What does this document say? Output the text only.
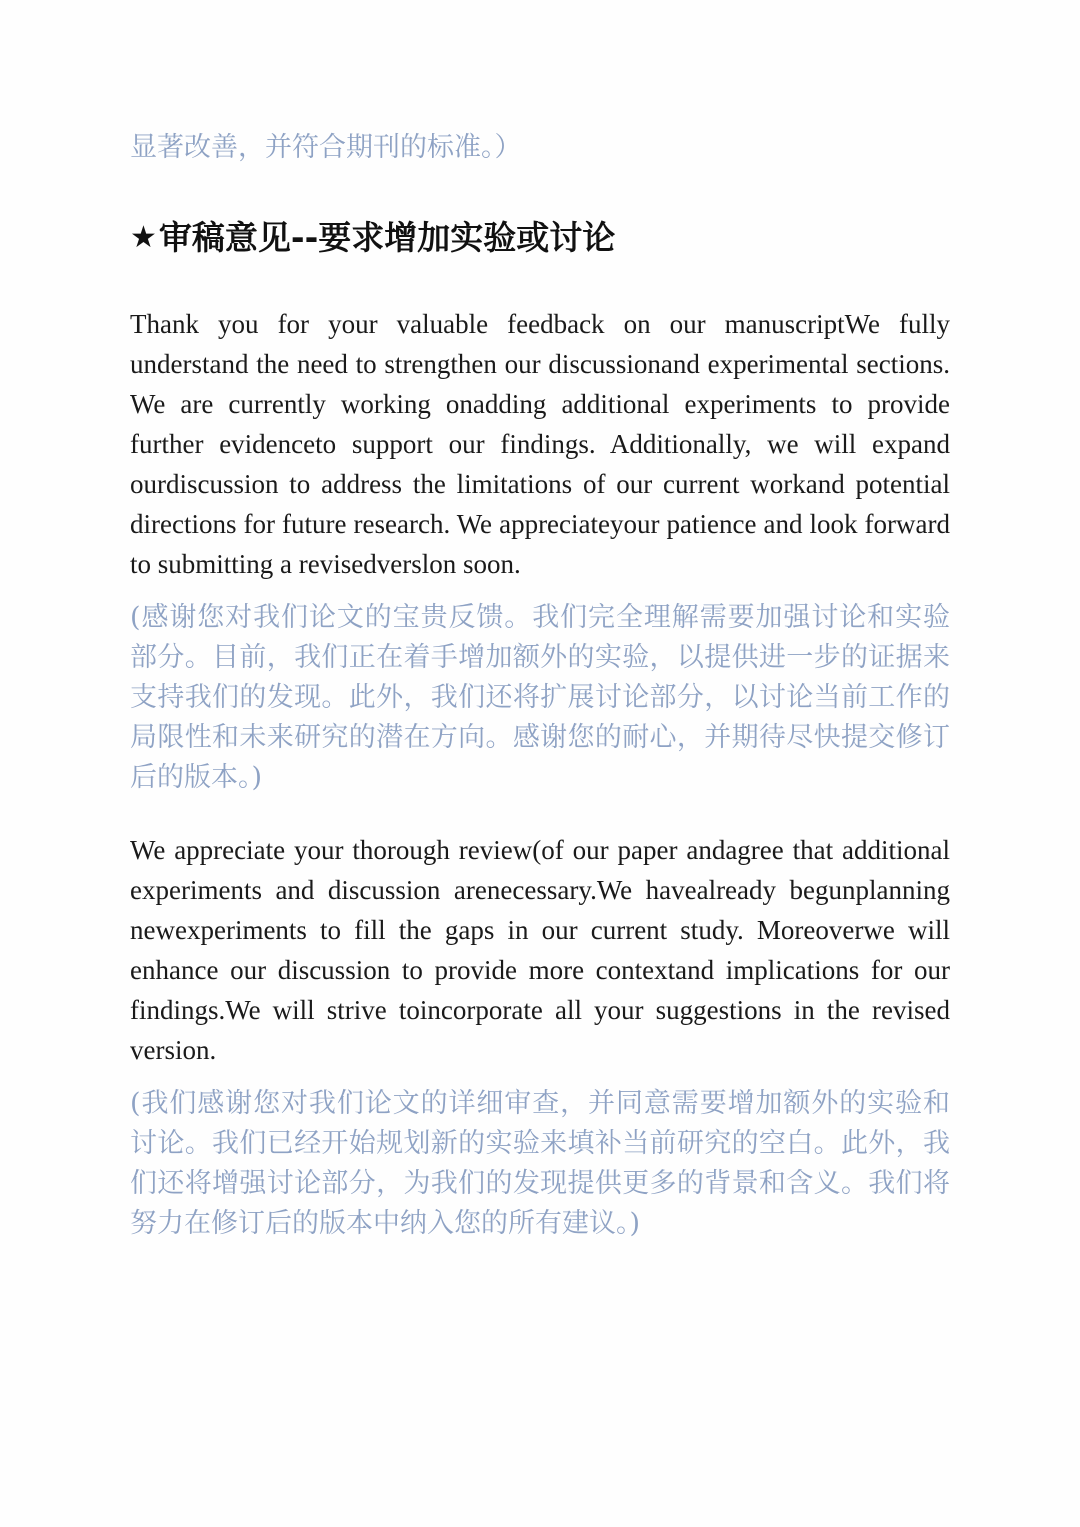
显著改善，并符合期刊的标准。）

★ 审稿意见--要求增加实验或讨论

Thank you for your valuable feedback on our manuscriptWe fully understand the need to strengthen our discussionand experimental sections. We are currently working onadding additional experiments to provide further evidenceto support our findings. Additionally, we will expand ourdiscussion to address the limitations of our current workand potential directions for future research. We appreciateyour patience and look forward to submitting a revisedverslon soon.

(感谢您对我们论文的宝贵反馈。我们完全理解需要加强讨论和实验部分。目前，我们正在着手增加额外的实验，以提供进一步的证据来支持我们的发现。此外，我们还将扩展讨论部分，以讨论当前工作的局限性和未来研究的潜在方向。感谢您的耐心，并期待尽快提交修订后的版本。)

We appreciate your thorough review(of our paper andagree that additional experiments and discussion arenecessary.We havealready begunplanning newexperiments to fill the gaps in our current study. Moreoverwe will enhance our discussion to provide more contextand implications for our findings.We will strive toincorporate all your suggestions in the revised version.

(我们感谢您对我们论文的详细审查，并同意需要增加额外的实验和讨论。我们已经开始规划新的实验来填补当前研究的空白。此外，我们还将增强讨论部分，为我们的发现提供更多的背景和含义。我们将努力在修订后的版本中纳入您的所有建议。)
